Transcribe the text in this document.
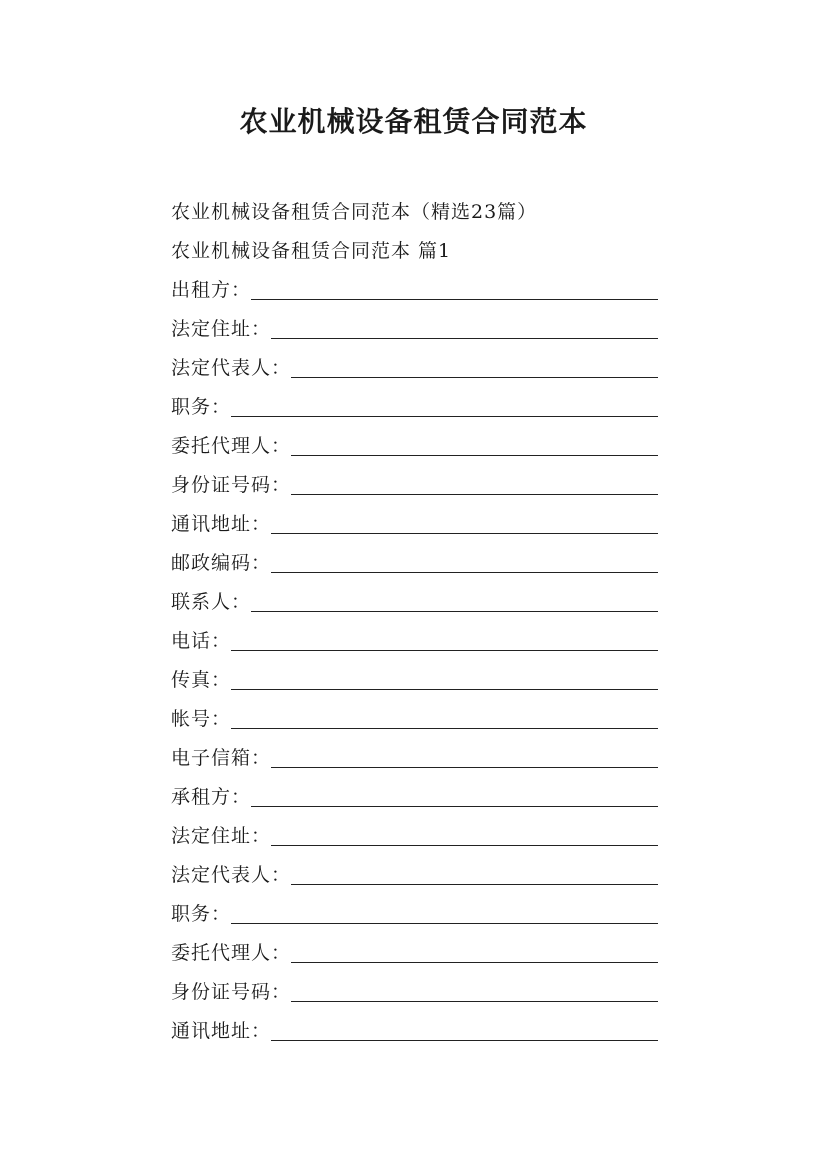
农业机械设备租赁合同范本

农业机械设备租赁合同范本（精选23篇）

农业机械设备租赁合同范本 篇1

出租方：
法定住址：
法定代表人：
职务：
委托代理人：
身份证号码：
通讯地址：
邮政编码：
联系人：
电话：
传真：
帐号：
电子信箱：
承租方：
法定住址：
法定代表人：
职务：
委托代理人：
身份证号码：
通讯地址：
